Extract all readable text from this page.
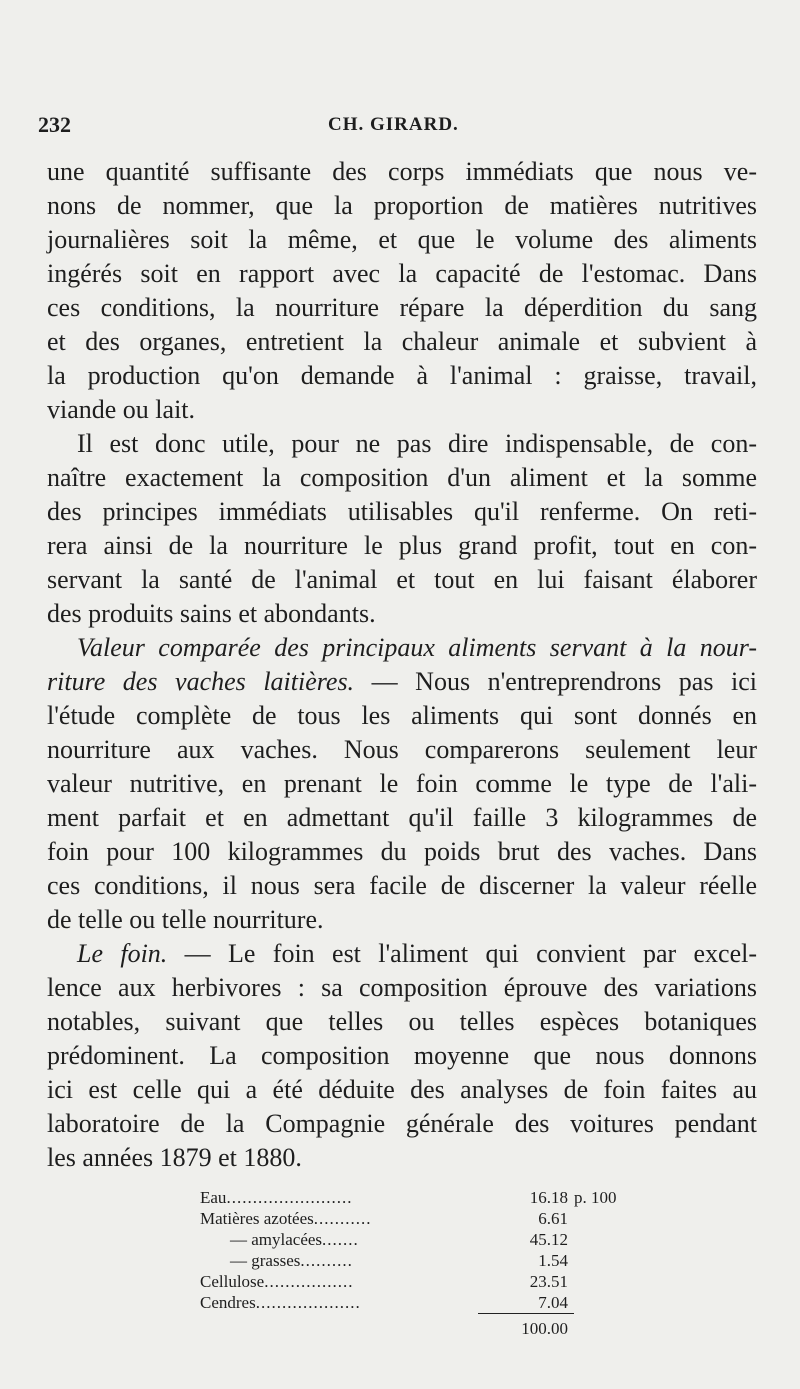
232	CH. GIRARD.

une quantité suffisante des corps immédiats que nous ve-
nons de nommer, que la proportion de matières nutritives
journalières soit la même, et que le volume des aliments
ingérés soit en rapport avec la capacité de l'estomac. Dans
ces conditions, la nourriture répare la déperdition du sang
et des organes, entretient la chaleur animale et subvient à
la production qu'on demande à l'animal : graisse, travail,
viande ou lait.

Il est donc utile, pour ne pas dire indispensable, de con-
naître exactement la composition d'un aliment et la somme
des principes immédiats utilisables qu'il renferme. On reti-
rera ainsi de la nourriture le plus grand profit, tout en con-
servant la santé de l'animal et tout en lui faisant élaborer
des produits sains et abondants.

Valeur comparée des principaux aliments servant à la nour-
riture des vaches laitières. — Nous n'entreprendrons pas ici
l'étude complète de tous les aliments qui sont donnés en
nourriture aux vaches. Nous comparerons seulement leur
valeur nutritive, en prenant le foin comme le type de l'ali-
ment parfait et en admettant qu'il faille 3 kilogrammes de
foin pour 100 kilogrammes du poids brut des vaches. Dans
ces conditions, il nous sera facile de discerner la valeur réelle
de telle ou telle nourriture.

Le foin. — Le foin est l'aliment qui convient par excel-
lence aux herbivores : sa composition éprouve des variations
notables, suivant que telles ou telles espèces botaniques
prédominent. La composition moyenne que nous donnons
ici est celle qui a été déduite des analyses de foin faites au
laboratoire de la Compagnie générale des voitures pendant
les années 1879 et 1880.

Eau........................	16.18	p. 100
Matières azotées...........	6.61	
— amylacées.......	45.12	
— grasses..........	1.54	
Cellulose.................	23.51	
Cendres....................	7.04	
	100.00	
